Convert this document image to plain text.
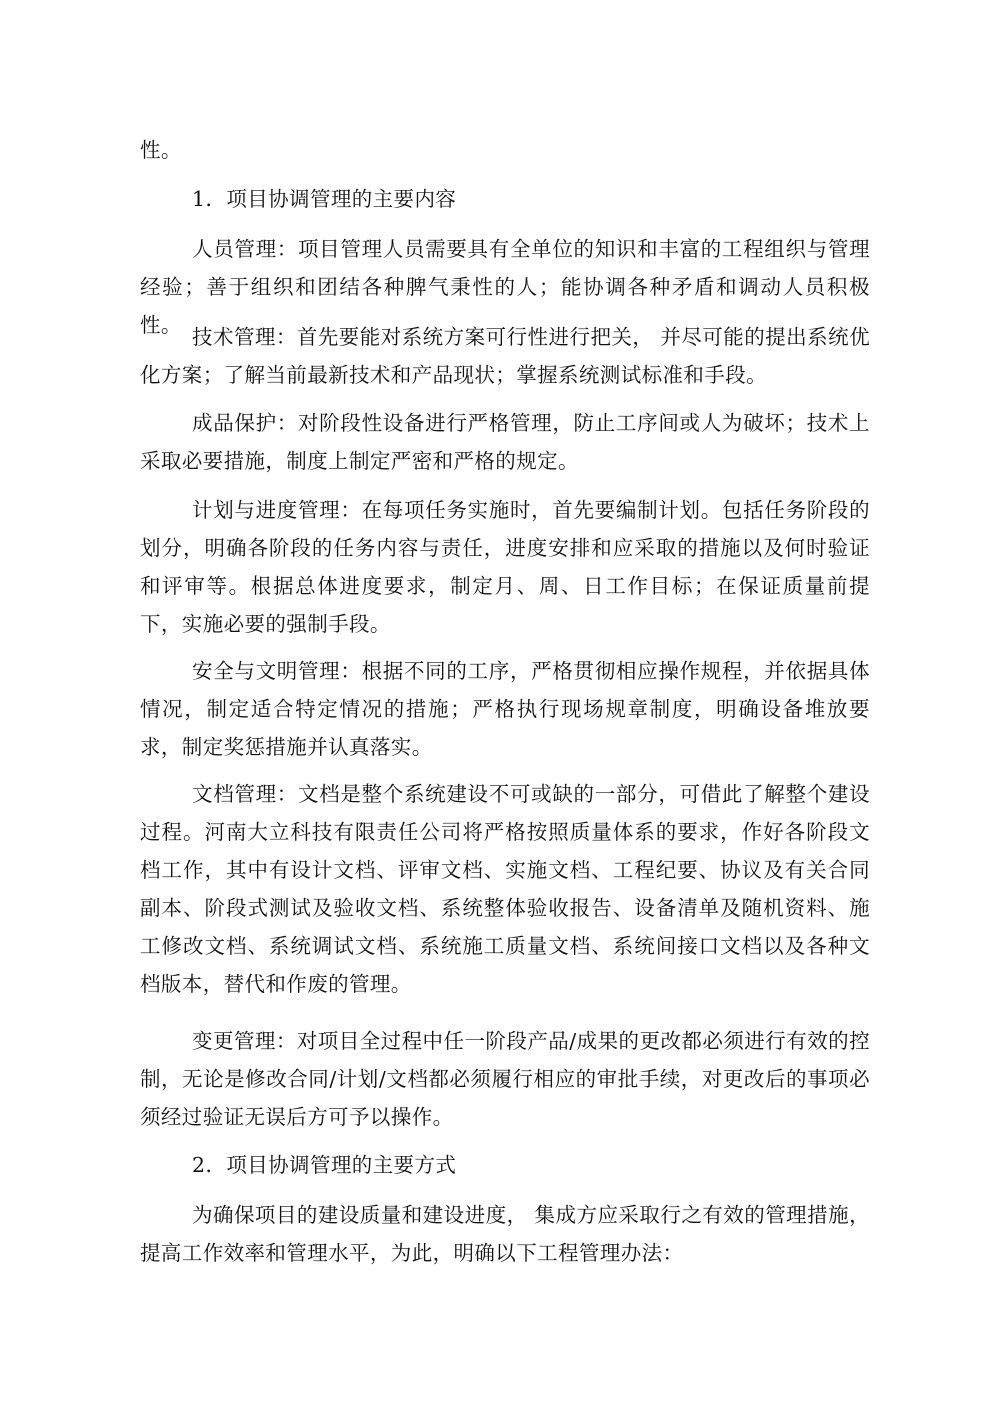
性。

1．项目协调管理的主要内容

人员管理：项目管理人员需要具有全单位的知识和丰富的工程组织与管理经验；善于组织和团结各种脾气秉性的人；能协调各种矛盾和调动人员积极性。 技术管理：首先要能对系统方案可行性进行把关， 并尽可能的提出系统优化方案；了解当前最新技术和产品现状；掌握系统测试标准和手段。

成品保护：对阶段性设备进行严格管理，防止工序间或人为破坏；技术上采取必要措施，制度上制定严密和严格的规定。

计划与进度管理：在每项任务实施时，首先要编制计划。包括任务阶段的划分，明确各阶段的任务内容与责任，进度安排和应采取的措施以及何时验证和评审等。根据总体进度要求，制定月、周、日工作目标；在保证质量前提下，实施必要的强制手段。

安全与文明管理：根据不同的工序，严格贯彻相应操作规程，并依据具体情况，制定适合特定情况的措施；严格执行现场规章制度，明确设备堆放要求，制定奖惩措施并认真落实。

文档管理：文档是整个系统建设不可或缺的一部分，可借此了解整个建设过程。河南大立科技有限责任公司将严格按照质量体系的要求，作好各阶段文档工作，其中有设计文档、评审文档、实施文档、工程纪要、协议及有关合同副本、阶段式测试及验收文档、系统整体验收报告、设备清单及随机资料、施工修改文档、系统调试文档、系统施工质量文档、系统间接口文档以及各种文档版本，替代和作废的管理。

变更管理：对项目全过程中任一阶段产品/成果的更改都必须进行有效的控制，无论是修改合同/计划/文档都必须履行相应的审批手续，对更改后的事项必须经过验证无误后方可予以操作。

2．项目协调管理的主要方式

为确保项目的建设质量和建设进度， 集成方应采取行之有效的管理措施，提高工作效率和管理水平，为此，明确以下工程管理办法：
